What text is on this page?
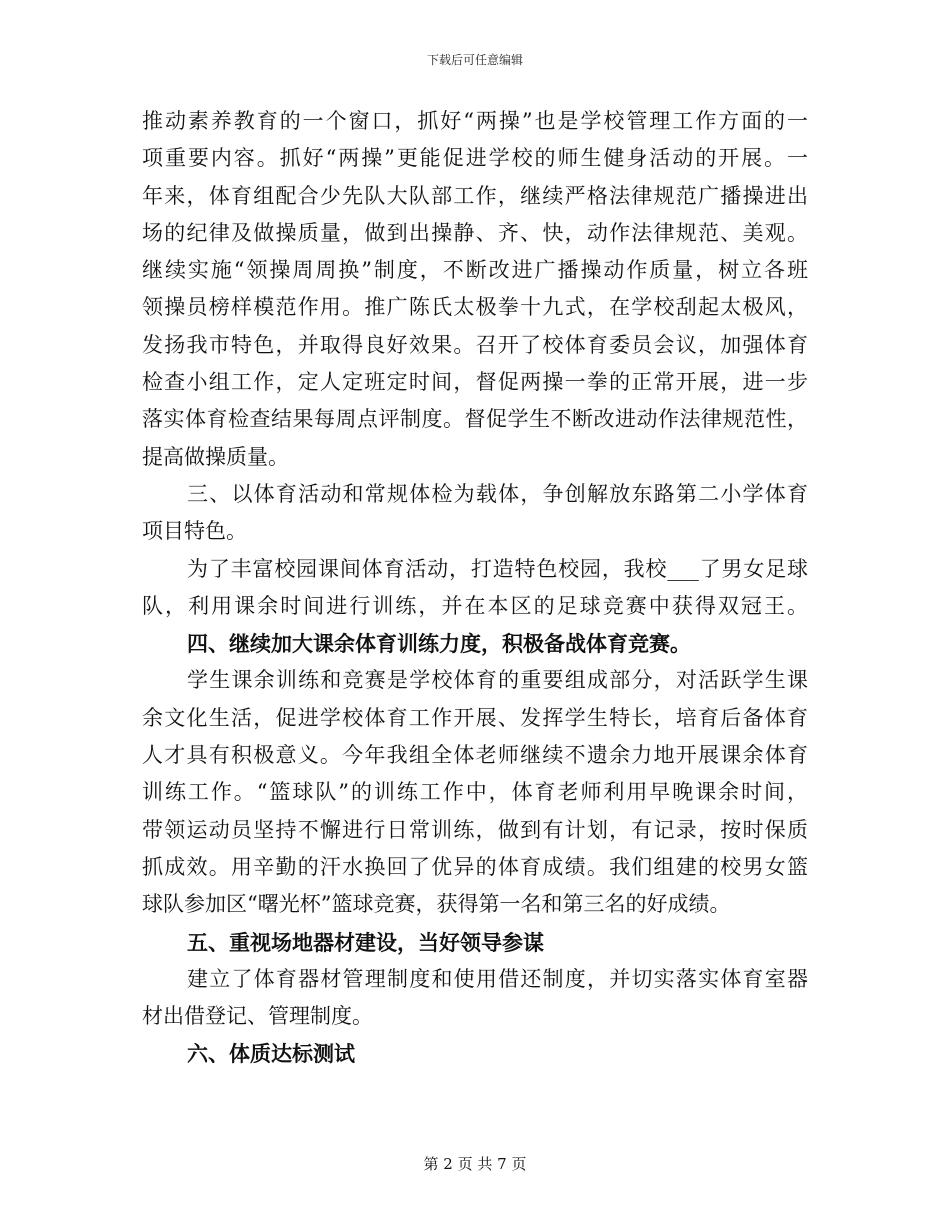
下载后可任意编辑
推动素养教育的一个窗口，抓好“两操”也是学校管理工作方面的一
项重要内容。抓好“两操”更能促进学校的师生健身活动的开展。一
年来，体育组配合少先队大队部工作，继续严格法律规范广播操进出
场的纪律及做操质量，做到出操静、齐、快，动作法律规范、美观。
继续实施“领操周周换”制度，不断改进广播操动作质量，树立各班
领操员榜样模范作用。推广陈氏太极拳十九式，在学校刮起太极风，
发扬我市特色，并取得良好效果。召开了校体育委员会议，加强体育
检查小组工作，定人定班定时间，督促两操一拳的正常开展，进一步
落实体育检查结果每周点评制度。督促学生不断改进动作法律规范性，
提高做操质量。
三、以体育活动和常规体检为载体，争创解放东路第二小学体育
项目特色。
为了丰富校园课间体育活动，打造特色校园，我校___了男女足球
队，利用课余时间进行训练，并在本区的足球竞赛中获得双冠王。
四、继续加大课余体育训练力度，积极备战体育竞赛。
学生课余训练和竞赛是学校体育的重要组成部分，对活跃学生课
余文化生活，促进学校体育工作开展、发挥学生特长，培育后备体育
人才具有积极意义。今年我组全体老师继续不遗余力地开展课余体育
训练工作。“篮球队”的训练工作中，体育老师利用早晚课余时间，
带领运动员坚持不懈进行日常训练，做到有计划，有记录，按时保质
抓成效。用辛勤的汗水换回了优异的体育成绩。我们组建的校男女篮
球队参加区“曙光杯”篮球竞赛，获得第一名和第三名的好成绩。
五、重视场地器材建设，当好领导参谋
建立了体育器材管理制度和使用借还制度，并切实落实体育室器
材出借登记、管理制度。
六、体质达标测试
第 2 页 共 7 页
